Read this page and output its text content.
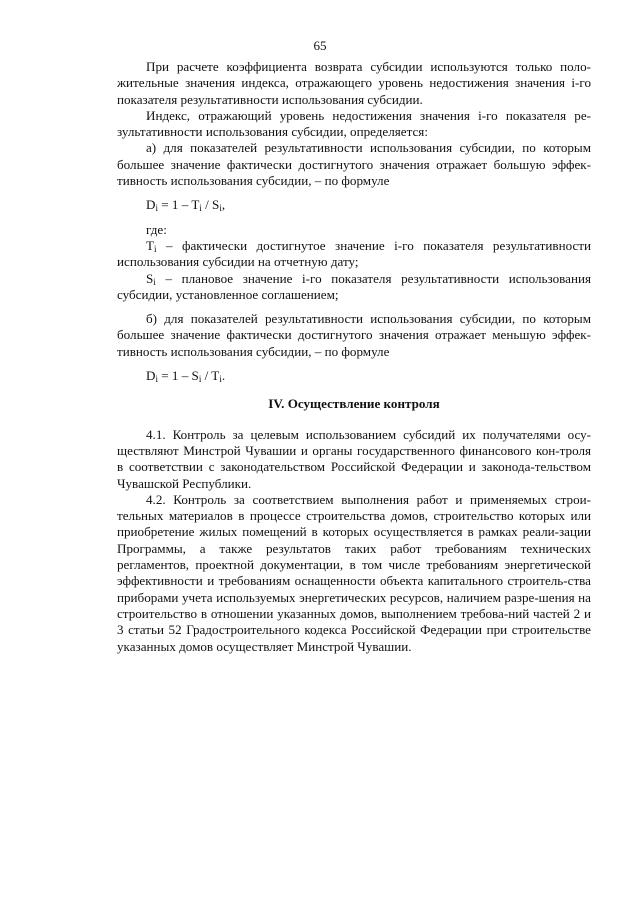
65

При расчете коэффициента возврата субсидии используются только поло-жительные значения индекса, отражающего уровень недостижения значения i-го показателя результативности использования субсидии.

Индекс, отражающий уровень недостижения значения i-го показателя ре-зультативности использования субсидии, определяется:

а) для показателей результативности использования субсидии, по которым большее значение фактически достигнутого значения отражает большую эффек-тивность использования субсидии, – по формуле

$D_i = 1 - T_i / S_i$,

где:

$T_i$ – фактически достигнутое значение i-го показателя результативности использования субсидии на отчетную дату;

$S_i$ – плановое значение i-го показателя результативности использования субсидии, установленное соглашением;

б) для показателей результативности использования субсидии, по которым большее значение фактически достигнутого значения отражает меньшую эффек-тивность использования субсидии, – по формуле

$D_i = 1 - S_i / T_i$.
IV. Осуществление контроля

4.1. Контроль за целевым использованием субсидий их получателями осу-ществляют Минстрой Чувашии и органы государственного финансового кон-троля в соответствии с законодательством Российской Федерации и законода-тельством Чувашской Республики.

4.2. Контроль за соответствием выполнения работ и применяемых строи-тельных материалов в процессе строительства домов, строительство которых или приобретение жилых помещений в которых осуществляется в рамках реали-зации Программы, а также результатов таких работ требованиям технических регламентов, проектной документации, в том числе требованиям энергетической эффективности и требованиям оснащенности объекта капитального строитель-ства приборами учета используемых энергетических ресурсов, наличием разре-шения на строительство в отношении указанных домов, выполнением требова-ний частей 2 и 3 статьи 52 Градостроительного кодекса Российской Федерации при строительстве указанных домов осуществляет Минстрой Чувашии.
